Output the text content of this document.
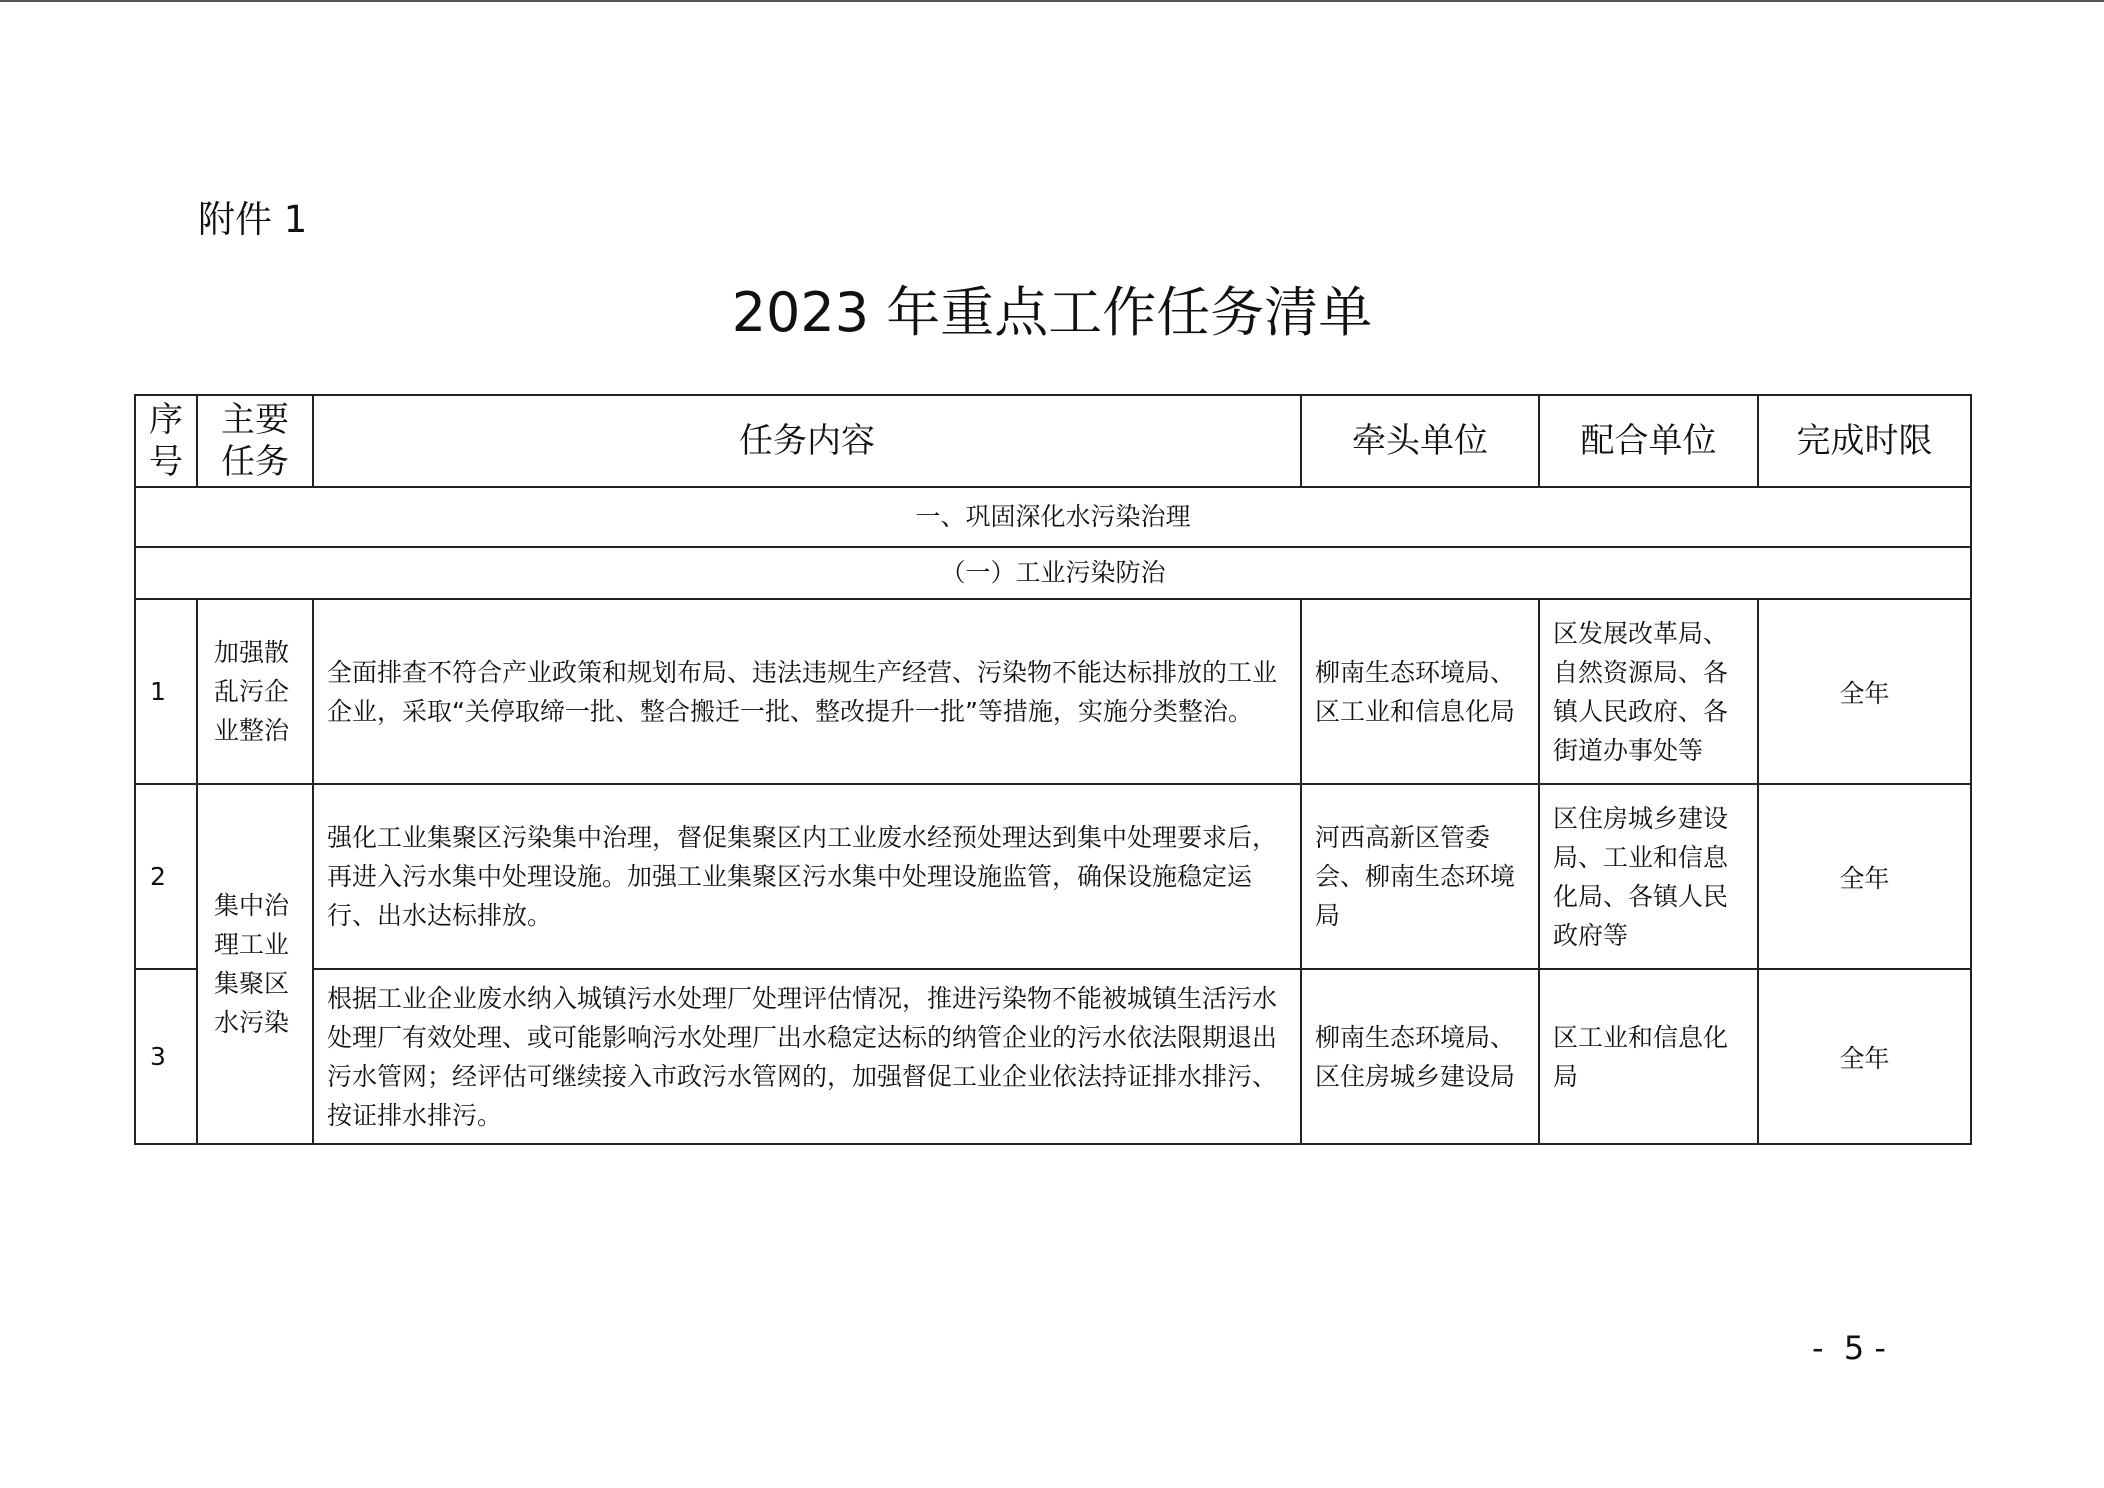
附件 1
2023 年重点工作任务清单
序号	主要任务	任务内容	牵头单位	配合单位	完成时限
一、巩固深化水污染治理					
（一）工业污染防治					
1	加强散乱污企业整治	全面排查不符合产业政策和规划布局、违法违规生产经营、污染物不能达标排放的工业企业，采取“关停取缔一批、整合搬迁一批、整改提升一批”等措施，实施分类整治。	柳南生态环境局、区工业和信息化局	区发展改革局、自然资源局、各镇人民政府、各街道办事处等	全年
2	集中治理工业集聚区水污染	强化工业集聚区污染集中治理，督促集聚区内工业废水经预处理达到集中处理要求后，再进入污水集中处理设施。加强工业集聚区污水集中处理设施监管，确保设施稳定运行、出水达标排放。	河西高新区管委会、柳南生态环境局	区住房城乡建设局、工业和信息化局、各镇人民政府等	全年
3		根据工业企业废水纳入城镇污水处理厂处理评估情况，推进污染物不能被城镇生活污水处理厂有效处理、或可能影响污水处理厂出水稳定达标的纳管企业的污水依法限期退出污水管网；经评估可继续接入市政污水管网的，加强督促工业企业依法持证排水排污、按证排水排污。	柳南生态环境局、区住房城乡建设局	区工业和信息化局	全年
-  5 -
